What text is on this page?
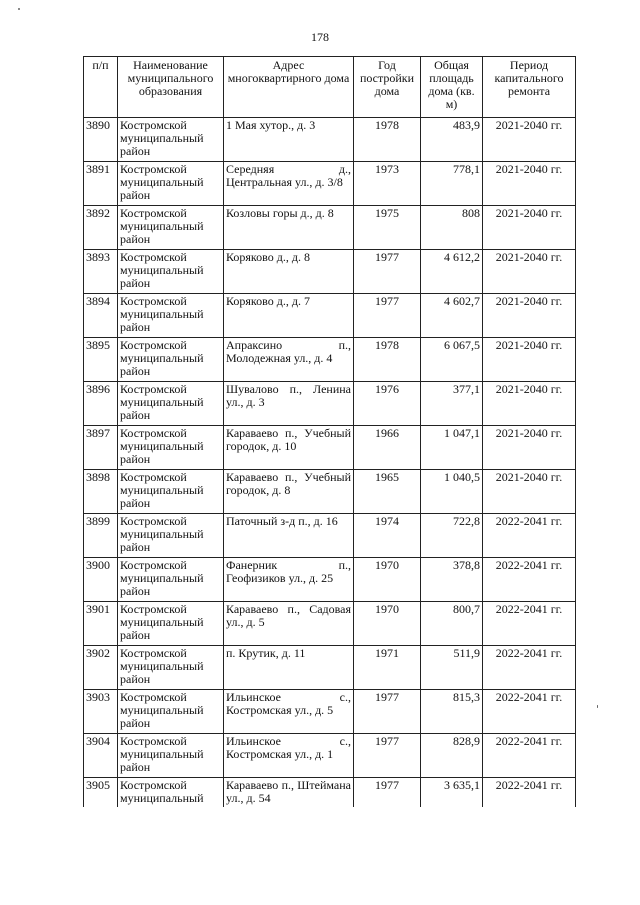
178
п/п	Наименование муниципального образования	Адрес многоквартирного дома	Год постройки дома	Общая площадь дома (кв. м)	Период капитального ремонта
3890	Костромской муниципальный район	1 Мая хутор., д. 3	1978	483,9	2021-2040 гг.
3891	Костромской муниципальный район	Середняя д., Центральная ул., д. 3/8	1973	778,1	2021-2040 гг.
3892	Костромской муниципальный район	Козловы горы д., д. 8	1975	808	2021-2040 гг.
3893	Костромской муниципальный район	Коряково д., д. 8	1977	4 612,2	2021-2040 гг.
3894	Костромской муниципальный район	Коряково д., д. 7	1977	4 602,7	2021-2040 гг.
3895	Костромской муниципальный район	Апраксино п., Молодежная ул., д. 4	1978	6 067,5	2021-2040 гг.
3896	Костромской муниципальный район	Шувалово п., Ленина ул., д. 3	1976	377,1	2021-2040 гг.
3897	Костромской муниципальный район	Караваево п., Учебный городок, д. 10	1966	1 047,1	2021-2040 гг.
3898	Костромской муниципальный район	Караваево п., Учебный городок, д. 8	1965	1 040,5	2021-2040 гг.
3899	Костромской муниципальный район	Паточный з-д п., д. 16	1974	722,8	2022-2041 гг.
3900	Костромской муниципальный район	Фанерник п., Геофизиков ул., д. 25	1970	378,8	2022-2041 гг.
3901	Костромской муниципальный район	Караваево п., Садовая ул., д. 5	1970	800,7	2022-2041 гг.
3902	Костромской муниципальный район	п. Крутик, д. 11	1971	511,9	2022-2041 гг.
3903	Костромской муниципальный район	Ильинское с., Костромская ул., д. 5	1977	815,3	2022-2041 гг.
3904	Костромской муниципальный район	Ильинское с., Костромская ул., д. 1	1977	828,9	2022-2041 гг.
3905	Костромской муниципальный	Караваево п., Штеймана ул., д. 54	1977	3 635,1	2022-2041 гг.
